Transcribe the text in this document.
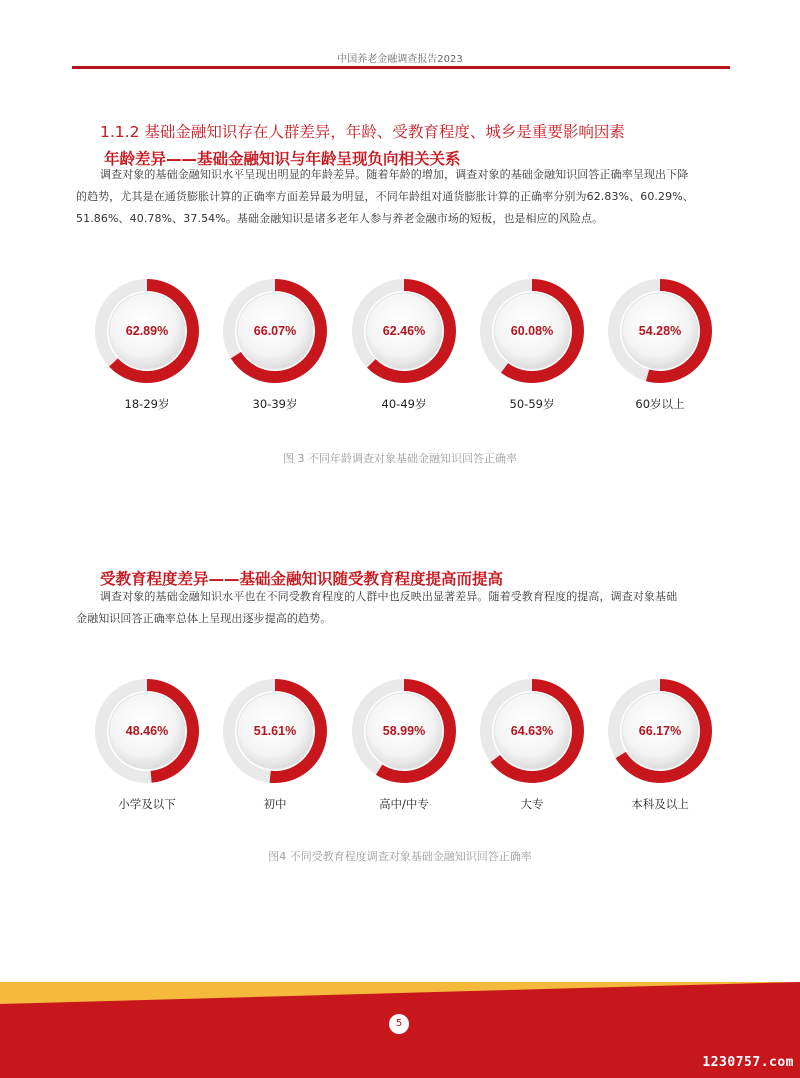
中国养老金融调查报告2023
1.1.2 基础金融知识存在人群差异，年龄、受教育程度、城乡是重要影响因素
年龄差异——基础金融知识与年龄呈现负向相关关系
调查对象的基础金融知识水平呈现出明显的年龄差异。随着年龄的增加，调查对象的基础金融知识回答正确率呈现出下降
的趋势，尤其是在通货膨胀计算的正确率方面差异最为明显，不同年龄组对通货膨胀计算的正确率分别为62.83%、60.29%、
51.86%、40.78%、37.54%。基础金融知识是诸多老年人参与养老金融市场的短板，也是相应的风险点。
62.89%
18-29岁
66.07%
30-39岁
62.46%
40-49岁
60.08%
50-59岁
54.28%
60岁以上
图 3 不同年龄调查对象基础金融知识回答正确率
受教育程度差异——基础金融知识随受教育程度提高而提高
调查对象的基础金融知识水平也在不同受教育程度的人群中也反映出显著差异。随着受教育程度的提高，调查对象基础
金融知识回答正确率总体上呈现出逐步提高的趋势。
48.46%
小学及以下
51.61%
初中
58.99%
高中/中专
64.63%
大专
66.17%
本科及以上
图4 不同受教育程度调查对象基础金融知识回答正确率
5
1230757.com
